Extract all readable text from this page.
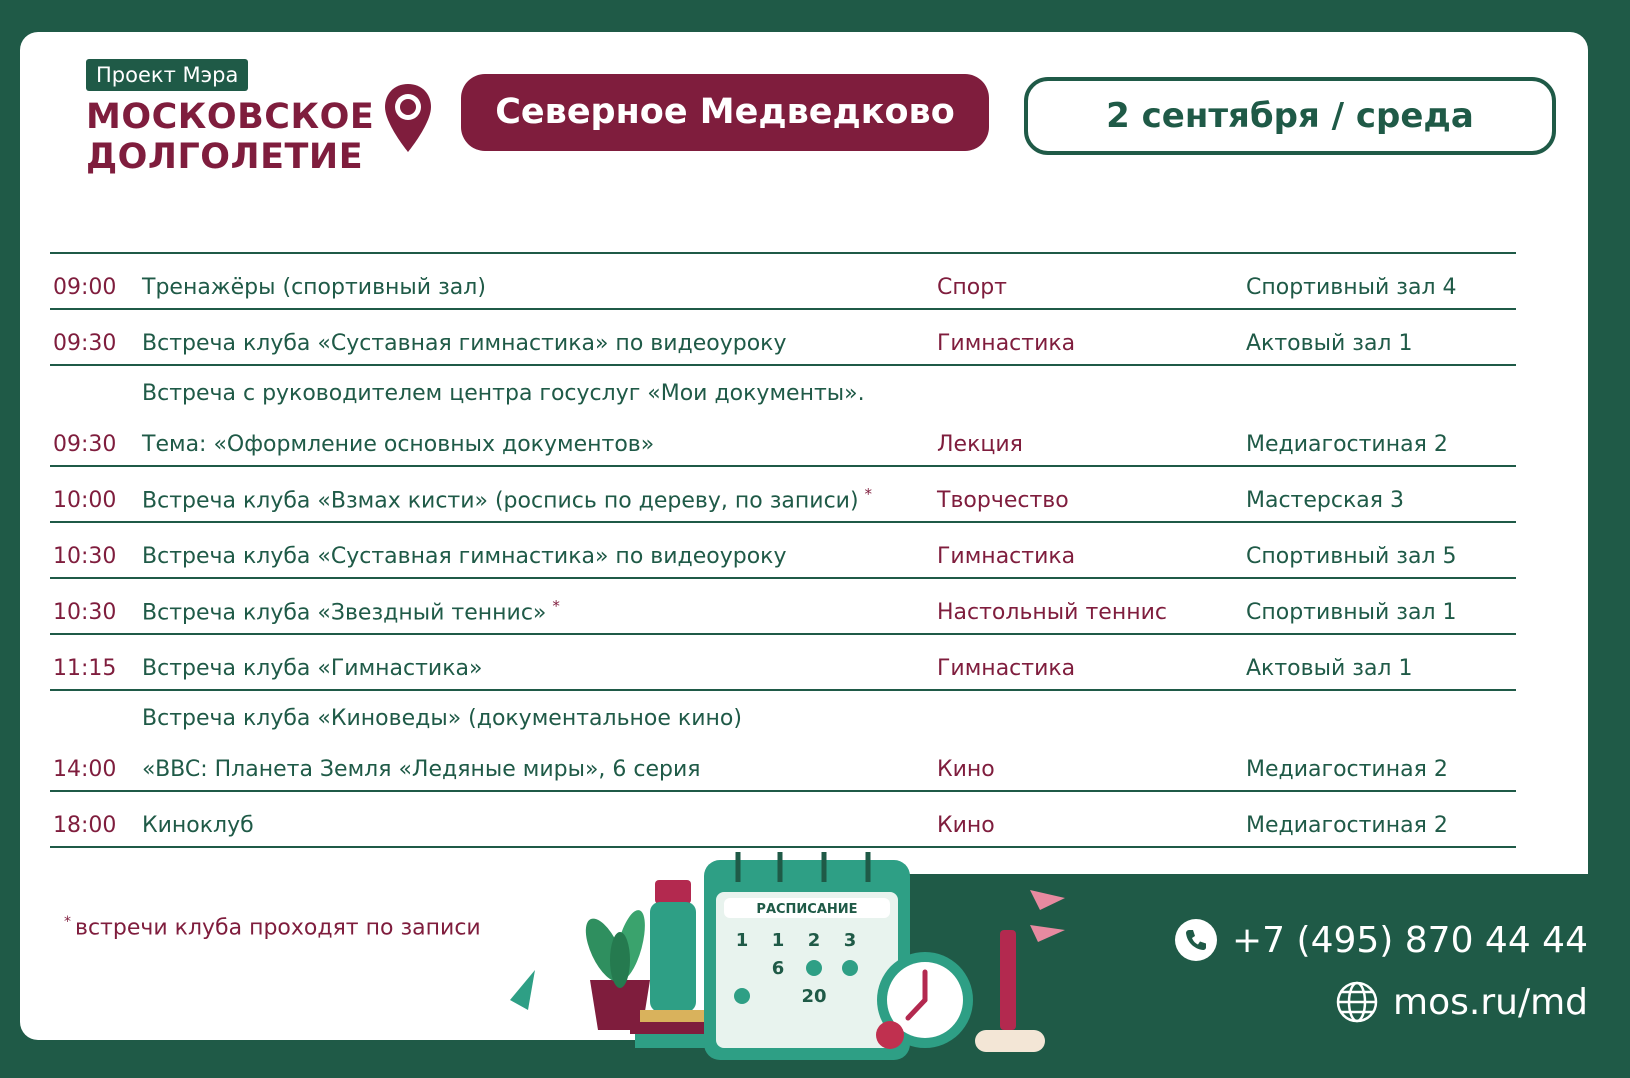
Проект Мэра
МОСКОВСКОЕ
ДОЛГОЛЕТИЕ
Северное Медведково	2 сентября / среда
09:00 Тренажёры (спортивный зал)	Спорт	Спортивный зал 4
09:30 Встреча клуба «Суставная гимнастика» по видеоуроку	Гимнастика	Актовый зал 1
Встреча с руководителем центра госуслуг «Мои документы».
09:30 Тема: «Оформление основных документов»	Лекция	Медиагостиная 2
10:00 Встреча клуба «Взмах кисти» (роспись по дереву, по записи) *	Творчество	Мастерская 3
10:30 Встреча клуба «Суставная гимнастика» по видеоуроку	Гимнастика	Спортивный зал 5
10:30 Встреча клуба «Звездный теннис» *	Настольный теннис	Спортивный зал 1
11:15 Встреча клуба «Гимнастика»	Гимнастика	Актовый зал 1
Встреча клуба «Киноведы» (документальное кино)
14:00 «BBC: Планета Земля «Ледяные миры», 6 серия	Кино	Медиагостиная 2
18:00 Киноклуб	Кино	Медиагостиная 2
* встречи клуба проходят по записи
РАСПИСАНИЕ
1 1 2 3
6
20
+7 (495) 870 44 44
mos.ru/md
